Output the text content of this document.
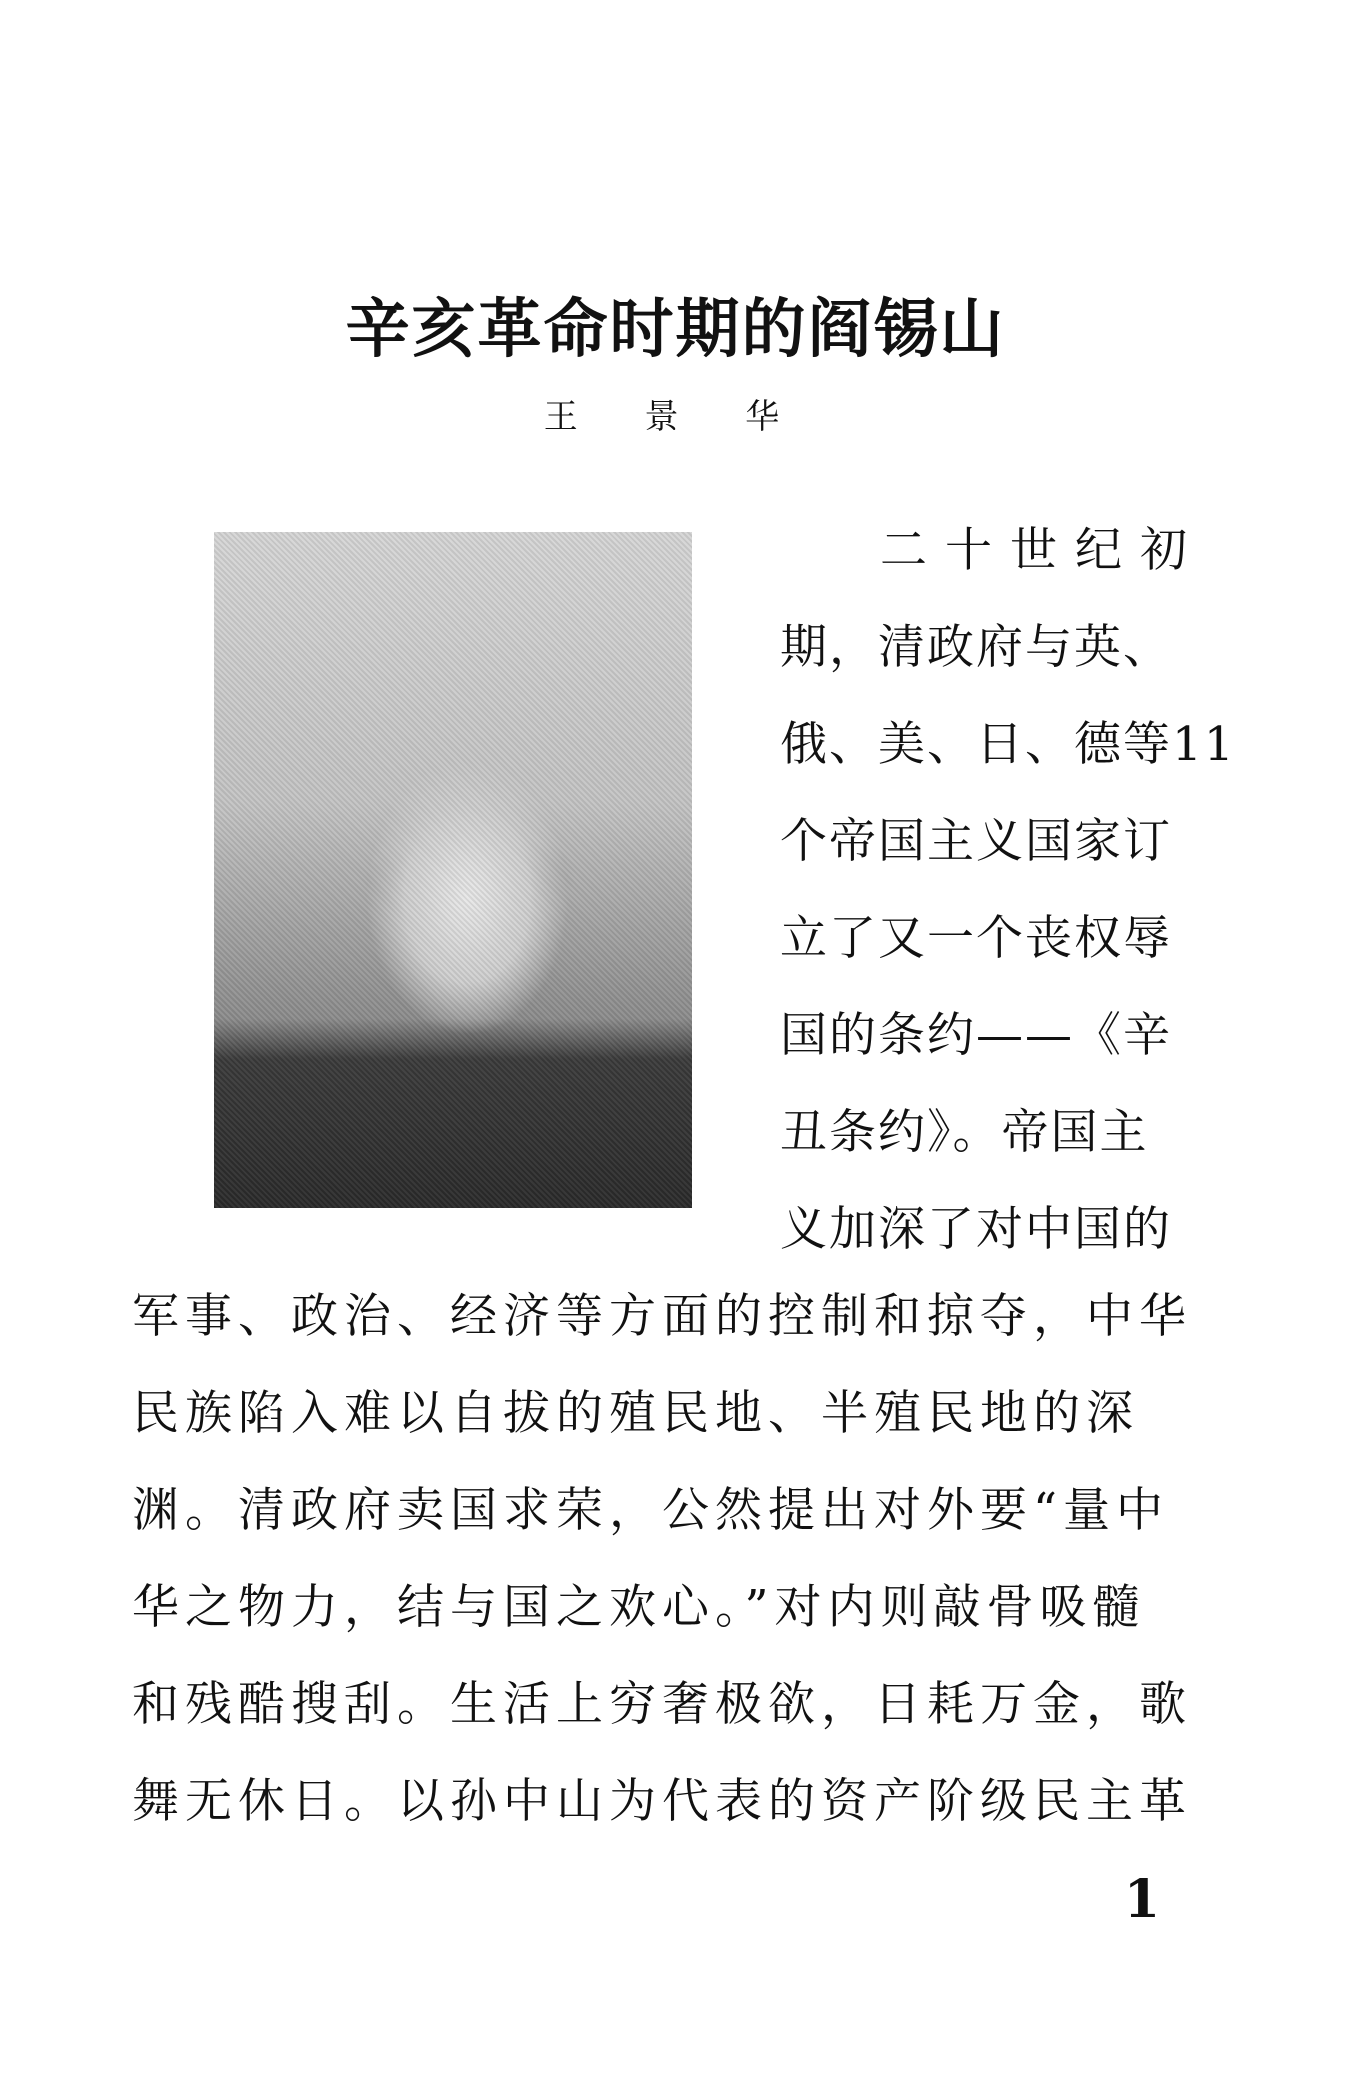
辛亥革命时期的阎锡山
王 景 华
二十世纪初
期，清政府与英、
俄、美、日、德等11
个帝国主义国家订
立了又一个丧权辱
国的条约——《辛
丑条约》。帝国主
义加深了对中国的
军事、政治、经济等方面的控制和掠夺，中华
民族陷入难以自拔的殖民地、半殖民地的深
渊。清政府卖国求荣，公然提出对外要“量中
华之物力，结与国之欢心。”对内则敲骨吸髓
和残酷搜刮。生活上穷奢极欲，日耗万金，歌
舞无休日。以孙中山为代表的资产阶级民主革
1
